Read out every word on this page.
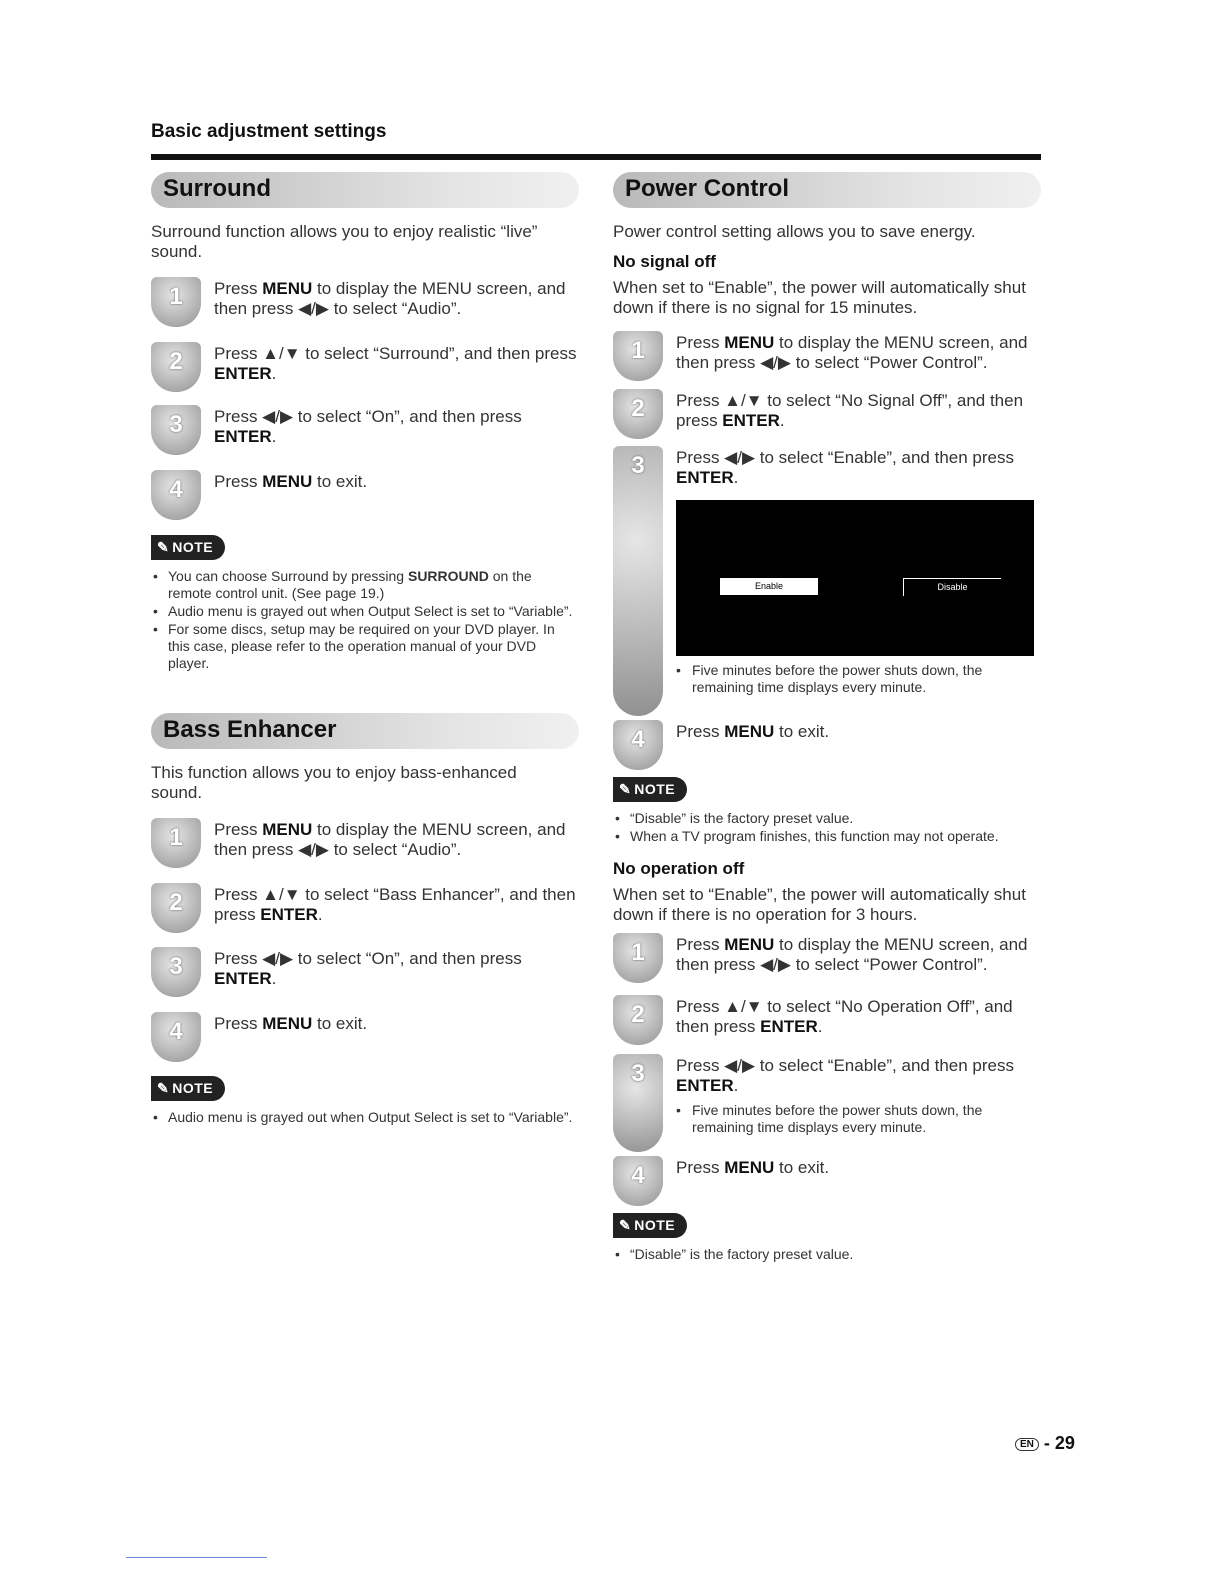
Basic adjustment settings
Surround
Surround function allows you to enjoy realistic “live” sound.
1	Press MENU to display the MENU screen, and then press ◀/▶ to select “Audio”.
2	Press ▲/▼ to select “Surround”, and then press ENTER.
3	Press ◀/▶ to select “On”, and then press ENTER.
4	Press MENU to exit.
✎ NOTE
• You can choose Surround by pressing SURROUND on the remote control unit. (See page 19.)
• Audio menu is grayed out when Output Select is set to “Variable”.
• For some discs, setup may be required on your DVD player. In this case, please refer to the operation manual of your DVD player.
Bass Enhancer
This function allows you to enjoy bass-enhanced sound.
1	Press MENU to display the MENU screen, and then press ◀/▶ to select “Audio”.
2	Press ▲/▼ to select “Bass Enhancer”, and then press ENTER.
3	Press ◀/▶ to select “On”, and then press ENTER.
4	Press MENU to exit.
✎ NOTE
• Audio menu is grayed out when Output Select is set to “Variable”.
Power Control
Power control setting allows you to save energy.
No signal off
When set to “Enable”, the power will automatically shut down if there is no signal for 15 minutes.
1	Press MENU to display the MENU screen, and then press ◀/▶ to select “Power Control”.
2	Press ▲/▼ to select “No Signal Off”, and then press ENTER.
3	Press ◀/▶ to select “Enable”, and then press ENTER.
Enable	Disable
• Five minutes before the power shuts down, the remaining time displays every minute.
4	Press MENU to exit.
✎ NOTE
• “Disable” is the factory preset value.
• When a TV program finishes, this function may not operate.
No operation off
When set to “Enable”, the power will automatically shut down if there is no operation for 3 hours.
1	Press MENU to display the MENU screen, and then press ◀/▶ to select “Power Control”.
2	Press ▲/▼ to select “No Operation Off”, and then press ENTER.
3	Press ◀/▶ to select “Enable”, and then press ENTER.
• Five minutes before the power shuts down, the remaining time displays every minute.
4	Press MENU to exit.
✎ NOTE
• “Disable” is the factory preset value.
EN - 29
